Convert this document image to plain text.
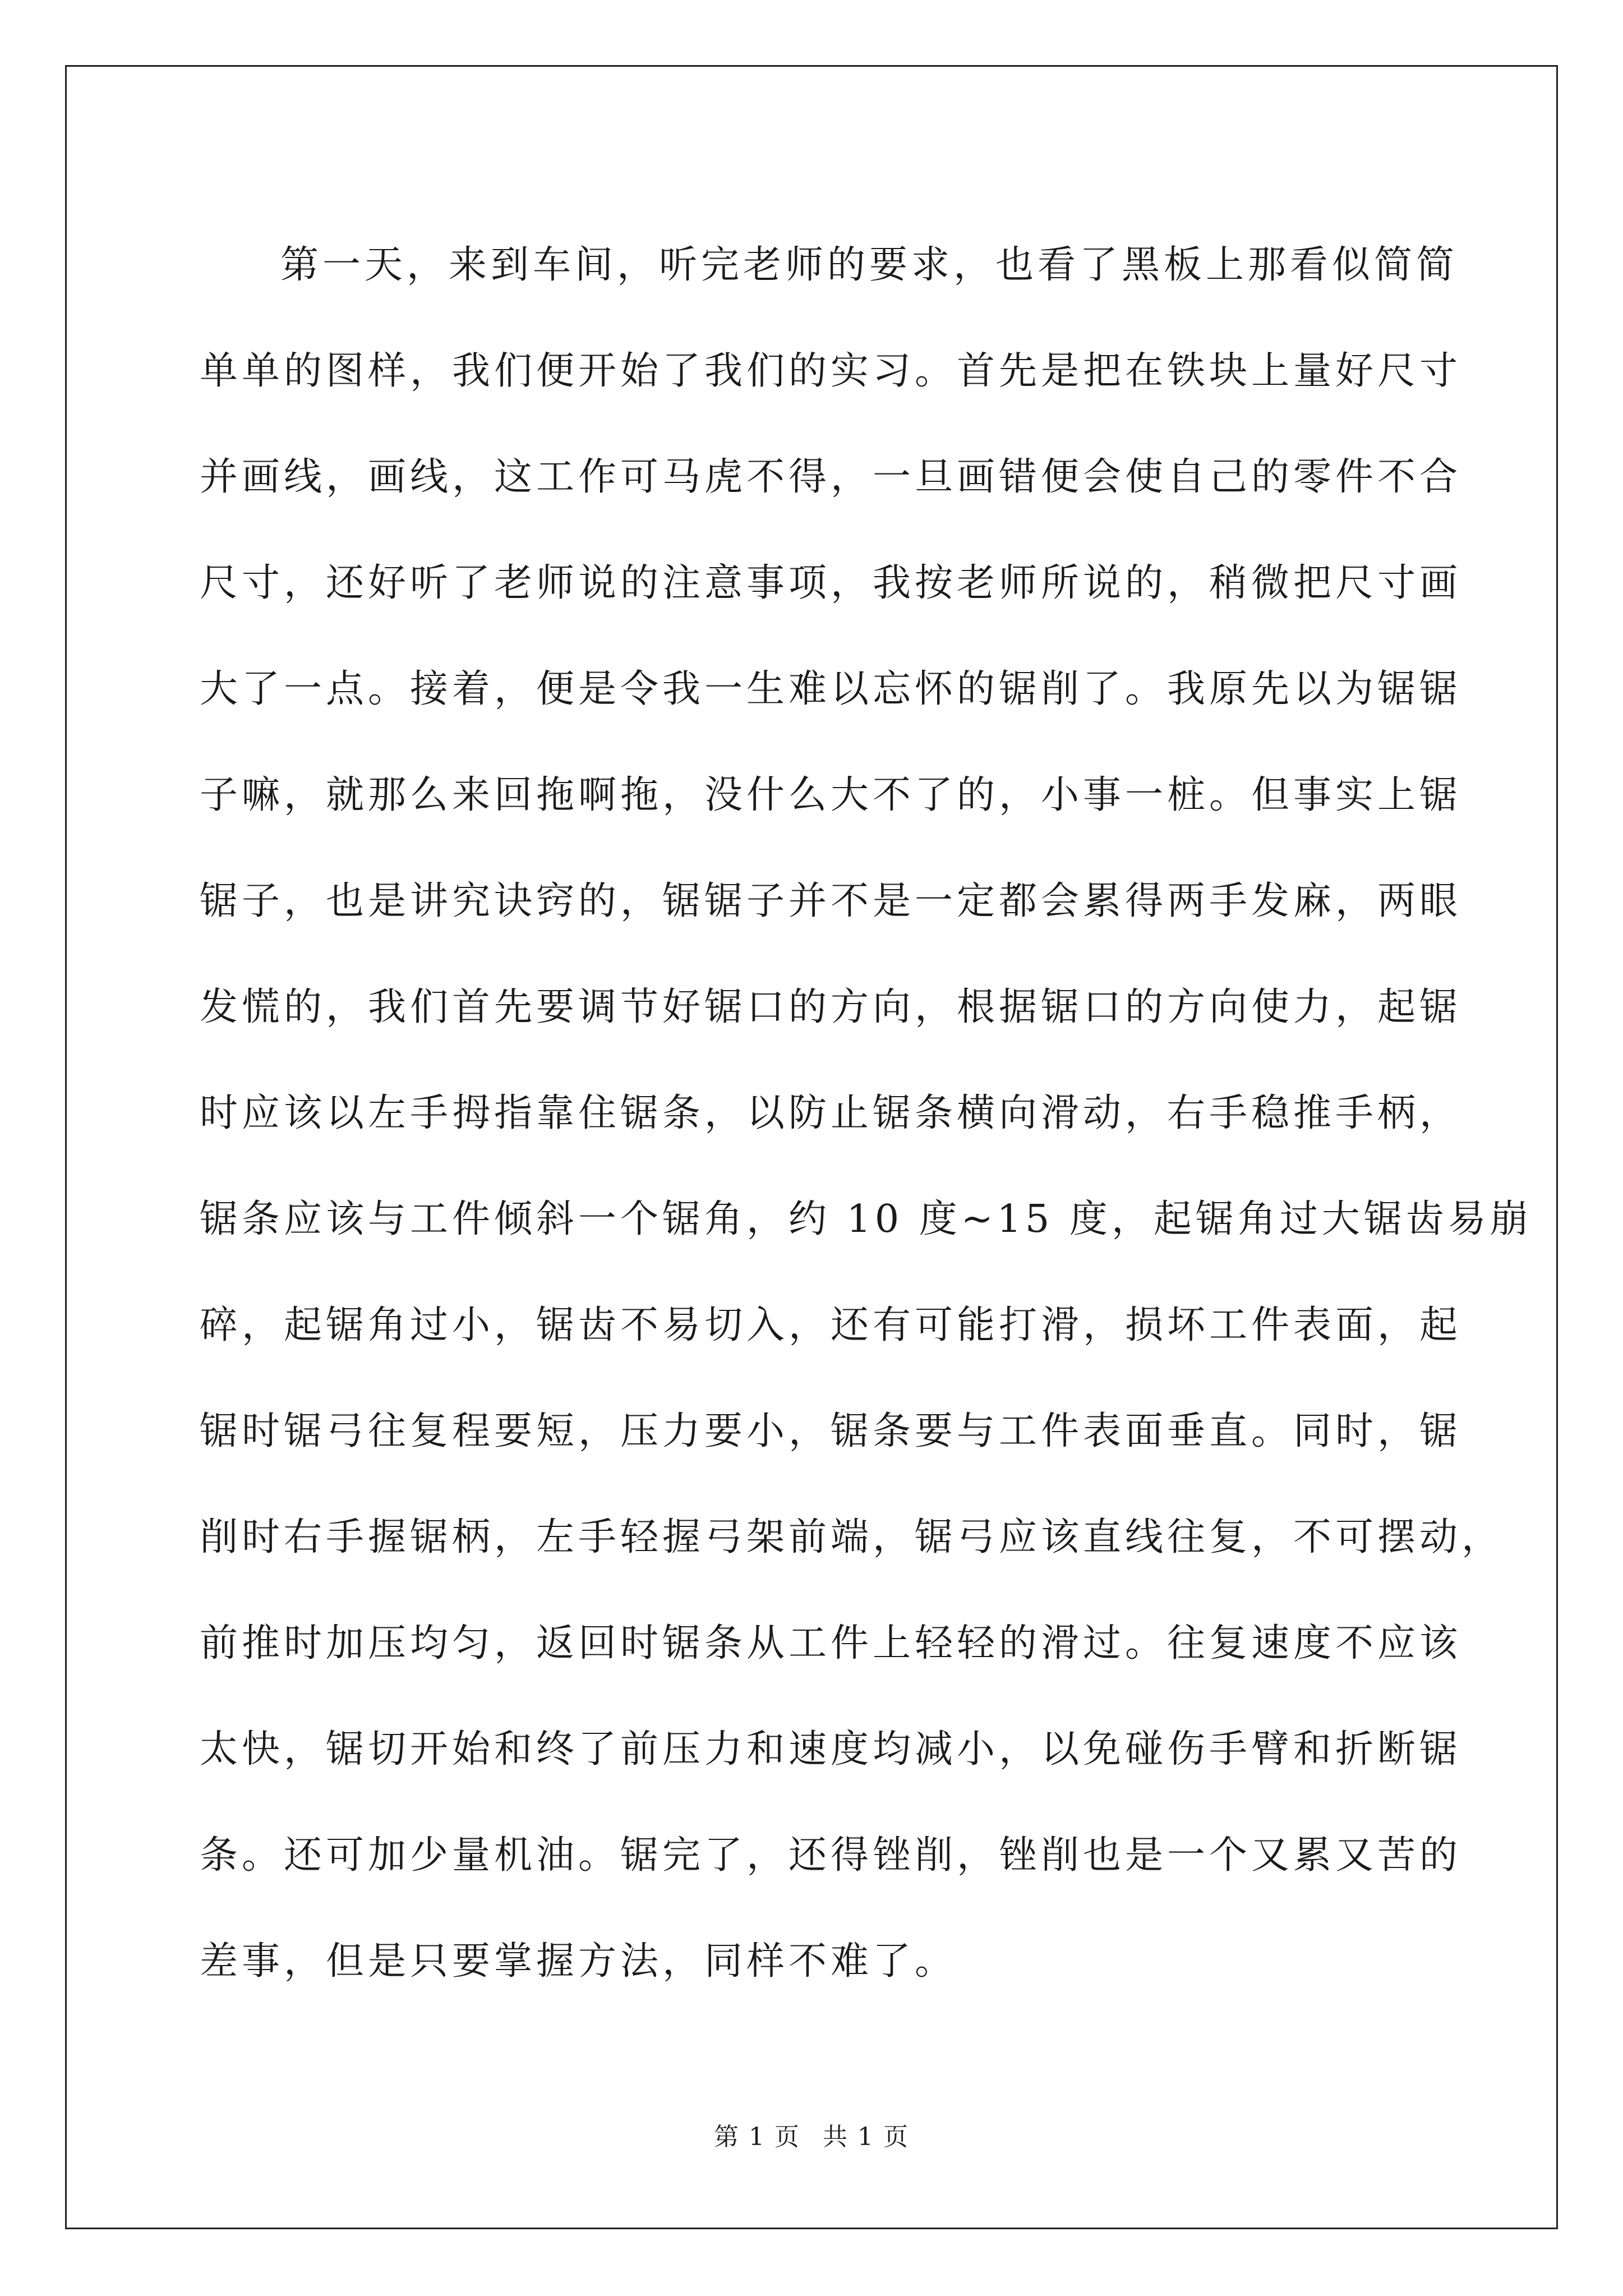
第一天，来到车间，听完老师的要求，也看了黑板上那看似简简
单单的图样，我们便开始了我们的实习。首先是把在铁块上量好尺寸
并画线，画线，这工作可马虎不得，一旦画错便会使自己的零件不合
尺寸，还好听了老师说的注意事项，我按老师所说的，稍微把尺寸画
大了一点。接着，便是令我一生难以忘怀的锯削了。我原先以为锯锯
子嘛，就那么来回拖啊拖，没什么大不了的，小事一桩。但事实上锯
锯子，也是讲究诀窍的，锯锯子并不是一定都会累得两手发麻，两眼
发慌的，我们首先要调节好锯口的方向，根据锯口的方向使力，起锯
时应该以左手拇指靠住锯条，以防止锯条横向滑动，右手稳推手柄，
锯条应该与工件倾斜一个锯角，约 10 度~15 度，起锯角过大锯齿易崩
碎，起锯角过小，锯齿不易切入，还有可能打滑，损坏工件表面，起
锯时锯弓往复程要短，压力要小，锯条要与工件表面垂直。同时，锯
削时右手握锯柄，左手轻握弓架前端，锯弓应该直线往复，不可摆动，
前推时加压均匀，返回时锯条从工件上轻轻的滑过。往复速度不应该
太快，锯切开始和终了前压力和速度均减小，以免碰伤手臂和折断锯
条。还可加少量机油。锯完了，还得锉削，锉削也是一个又累又苦的
差事，但是只要掌握方法，同样不难了。
第 1 页 共 1 页
